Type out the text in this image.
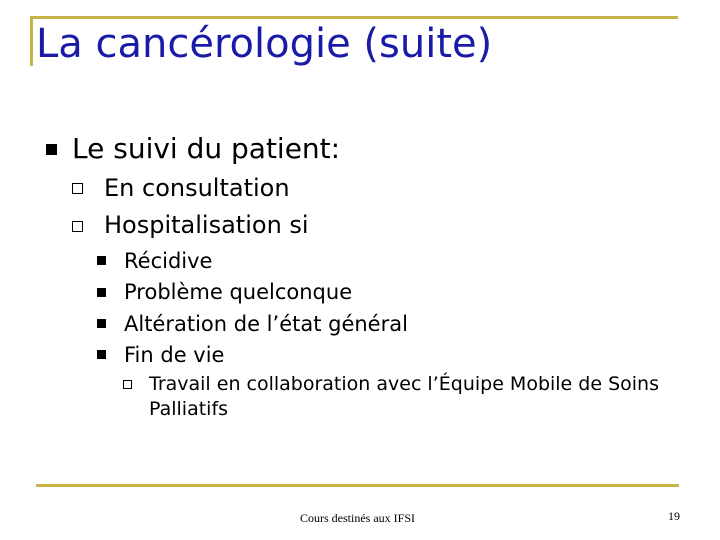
La cancérologie (suite)
Le suivi du patient:
En consultation
Hospitalisation si
Récidive
Problème quelconque
Altération de l’état général
Fin de vie
Travail en collaboration avec l’Équipe Mobile de Soins
Palliatifs
Cours destinés aux IFSI	19
